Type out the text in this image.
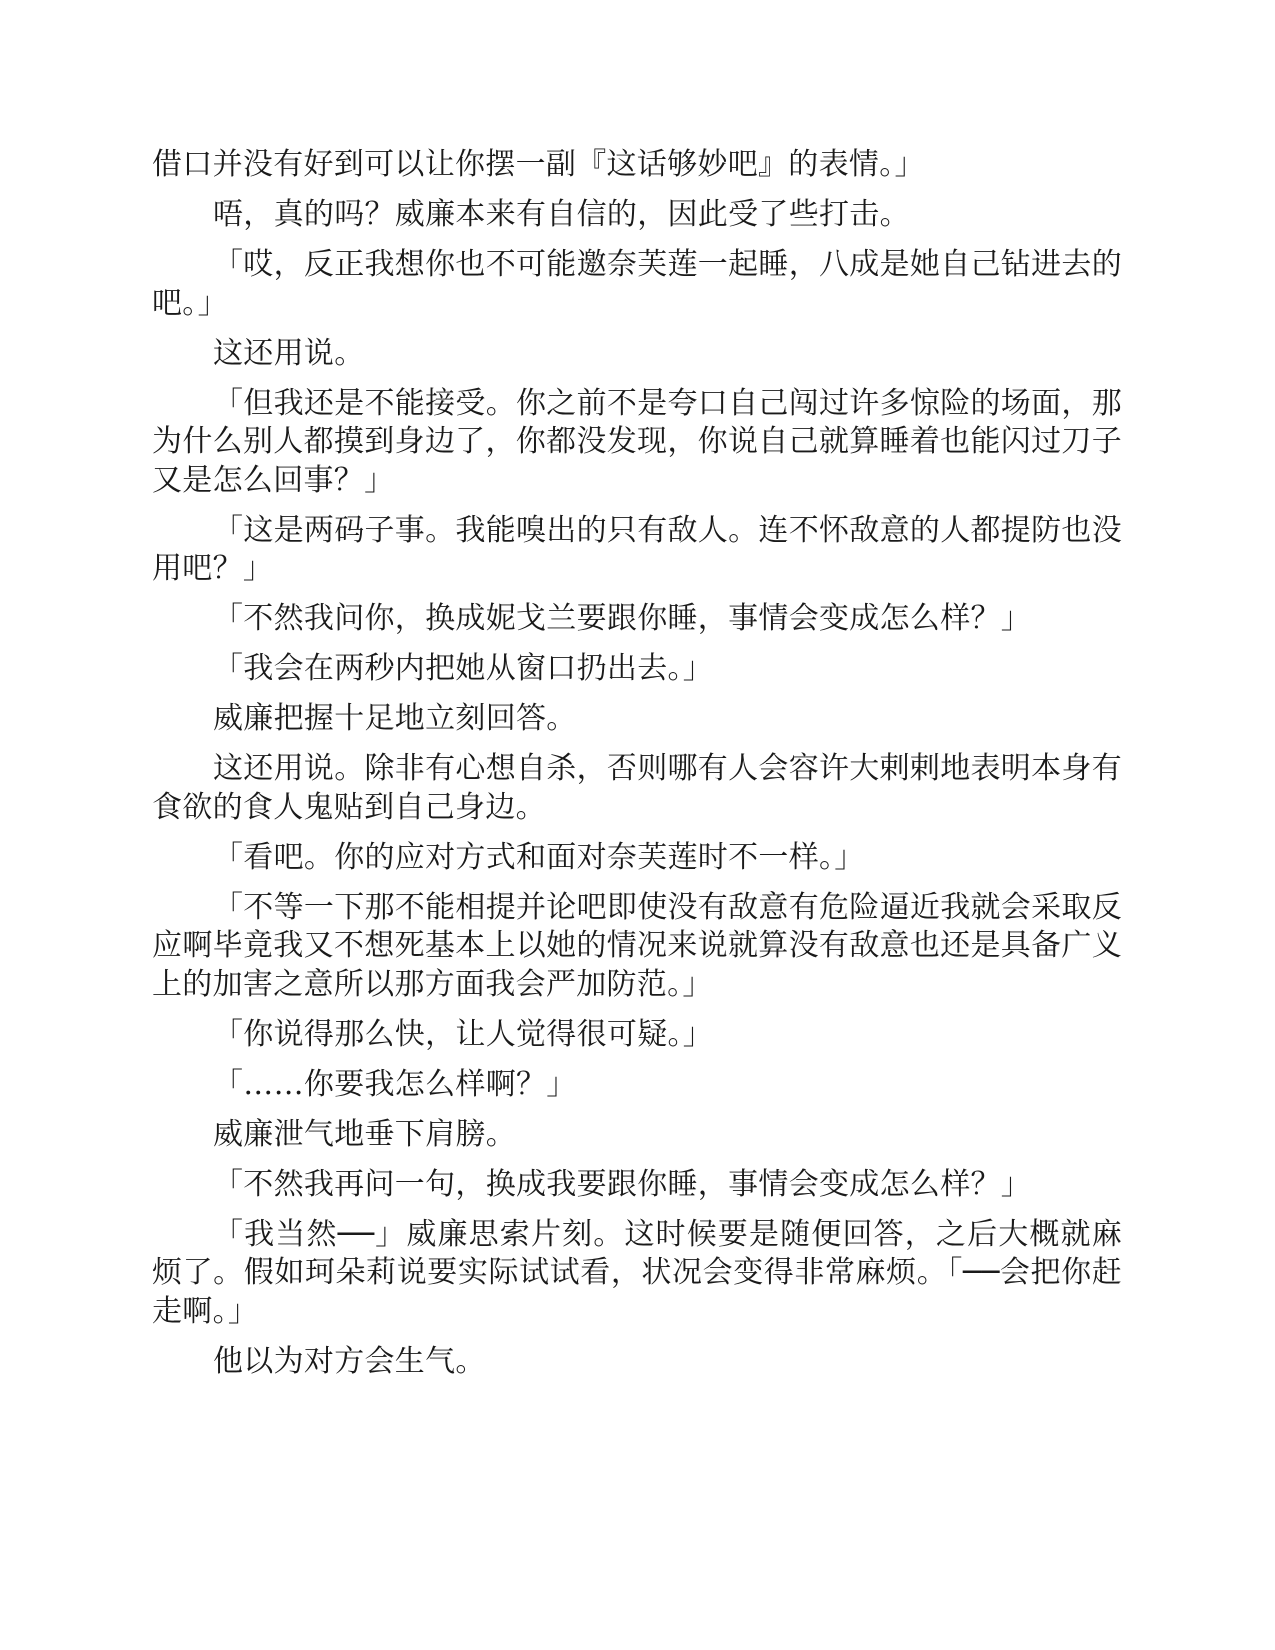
借口并没有好到可以让你摆一副『这话够妙吧』的表情。」

唔，真的吗？威廉本来有自信的，因此受了些打击。

「哎，反正我想你也不可能邀奈芙莲一起睡，八成是她自己钻进去的吧。」

这还用说。

「但我还是不能接受。你之前不是夸口自己闯过许多惊险的场面，那为什么别人都摸到身边了，你都没发现，你说自己就算睡着也能闪过刀子又是怎么回事？」

「这是两码子事。我能嗅出的只有敌人。连不怀敌意的人都提防也没用吧？」

「不然我问你，换成妮戈兰要跟你睡，事情会变成怎么样？」

「我会在两秒内把她从窗口扔出去。」

威廉把握十足地立刻回答。

这还用说。除非有心想自杀，否则哪有人会容许大剌剌地表明本身有食欲的食人鬼贴到自己身边。

「看吧。你的应对方式和面对奈芙莲时不一样。」

「不等一下那不能相提并论吧即使没有敌意有危险逼近我就会采取反应啊毕竟我又不想死基本上以她的情况来说就算没有敌意也还是具备广义上的加害之意所以那方面我会严加防范。」

「你说得那么快，让人觉得很可疑。」

「……你要我怎么样啊？」

威廉泄气地垂下肩膀。

「不然我再问一句，换成我要跟你睡，事情会变成怎么样？」

「我当然──」威廉思索片刻。这时候要是随便回答，之后大概就麻烦了。假如珂朵莉说要实际试试看，状况会变得非常麻烦。「──会把你赶走啊。」

他以为对方会生气。
